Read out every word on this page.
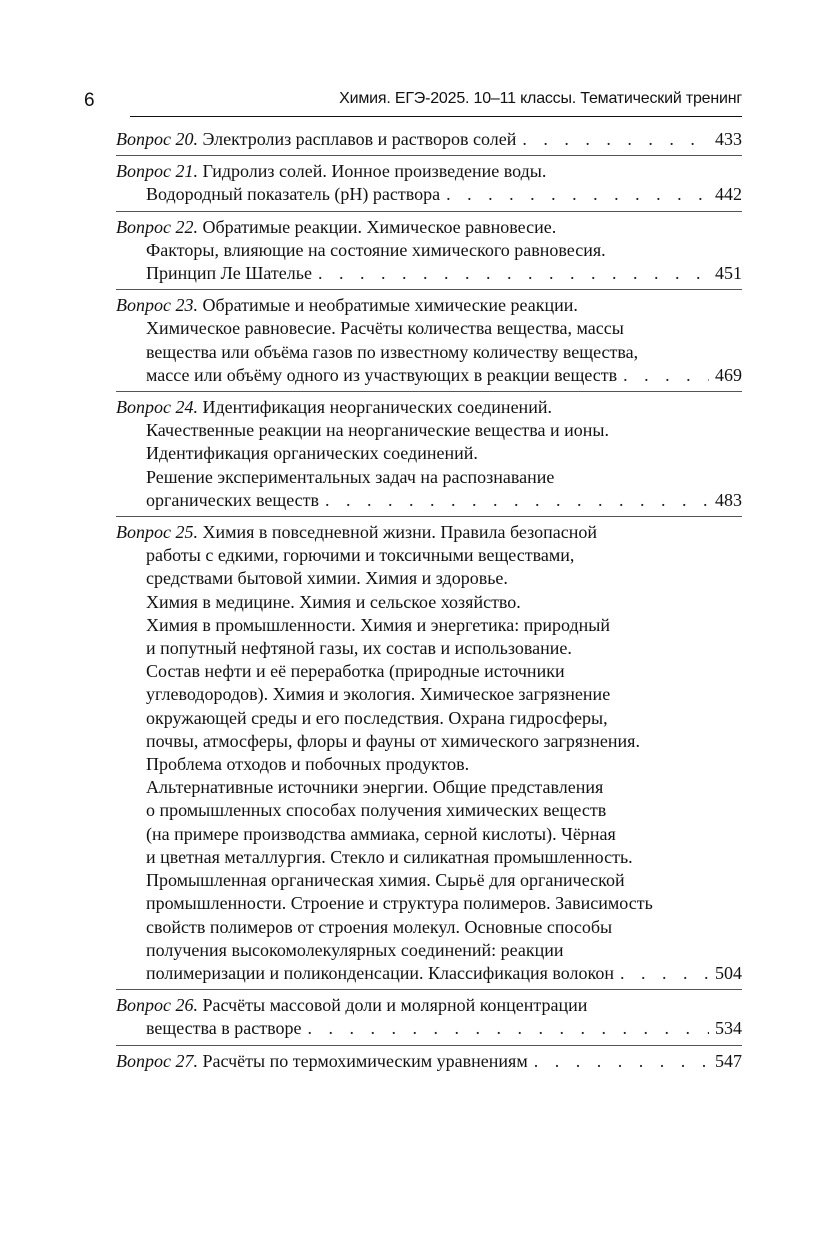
6	Химия. ЕГЭ-2025. 10–11 классы. Тематический тренинг
Вопрос 20. Электролиз расплавов и растворов солей . . .	433
Вопрос 21. Гидролиз солей. Ионное произведение воды.
Водородный показатель (pH) раствора . . .	442
Вопрос 22. Обратимые реакции. Химическое равновесие.
Факторы, влияющие на состояние химического равновесия.
Принцип Ле Шателье . . .	451
Вопрос 23. Обратимые и необратимые химические реакции.
Химическое равновесие. Расчёты количества вещества, массы
вещества или объёма газов по известному количеству вещества,
массе или объёму одного из участвующих в реакции веществ . . .	469
Вопрос 24. Идентификация неорганических соединений.
Качественные реакции на неорганические вещества и ионы.
Идентификация органических соединений.
Решение экспериментальных задач на распознавание
органических веществ . . .	483
Вопрос 25. Химия в повседневной жизни. Правила безопасной
работы с едкими, горючими и токсичными веществами,
средствами бытовой химии. Химия и здоровье.
Химия в медицине. Химия и сельское хозяйство.
Химия в промышленности. Химия и энергетика: природный
и попутный нефтяной газы, их состав и использование.
Состав нефти и её переработка (природные источники
углеводородов). Химия и экология. Химическое загрязнение
окружающей среды и его последствия. Охрана гидросферы,
почвы, атмосферы, флоры и фауны от химического загрязнения.
Проблема отходов и побочных продуктов.
Альтернативные источники энергии. Общие представления
о промышленных способах получения химических веществ
(на примере производства аммиака, серной кислоты). Чёрная
и цветная металлургия. Стекло и силикатная промышленность.
Промышленная органическая химия. Сырьё для органической
промышленности. Строение и структура полимеров. Зависимость
свойств полимеров от строения молекул. Основные способы
получения высокомолекулярных соединений: реакции
полимеризации и поликонденсации. Классификация волокон . . .	504
Вопрос 26. Расчёты массовой доли и молярной концентрации
вещества в растворе . . .	534
Вопрос 27. Расчёты по термохимическим уравнениям . . .	547
